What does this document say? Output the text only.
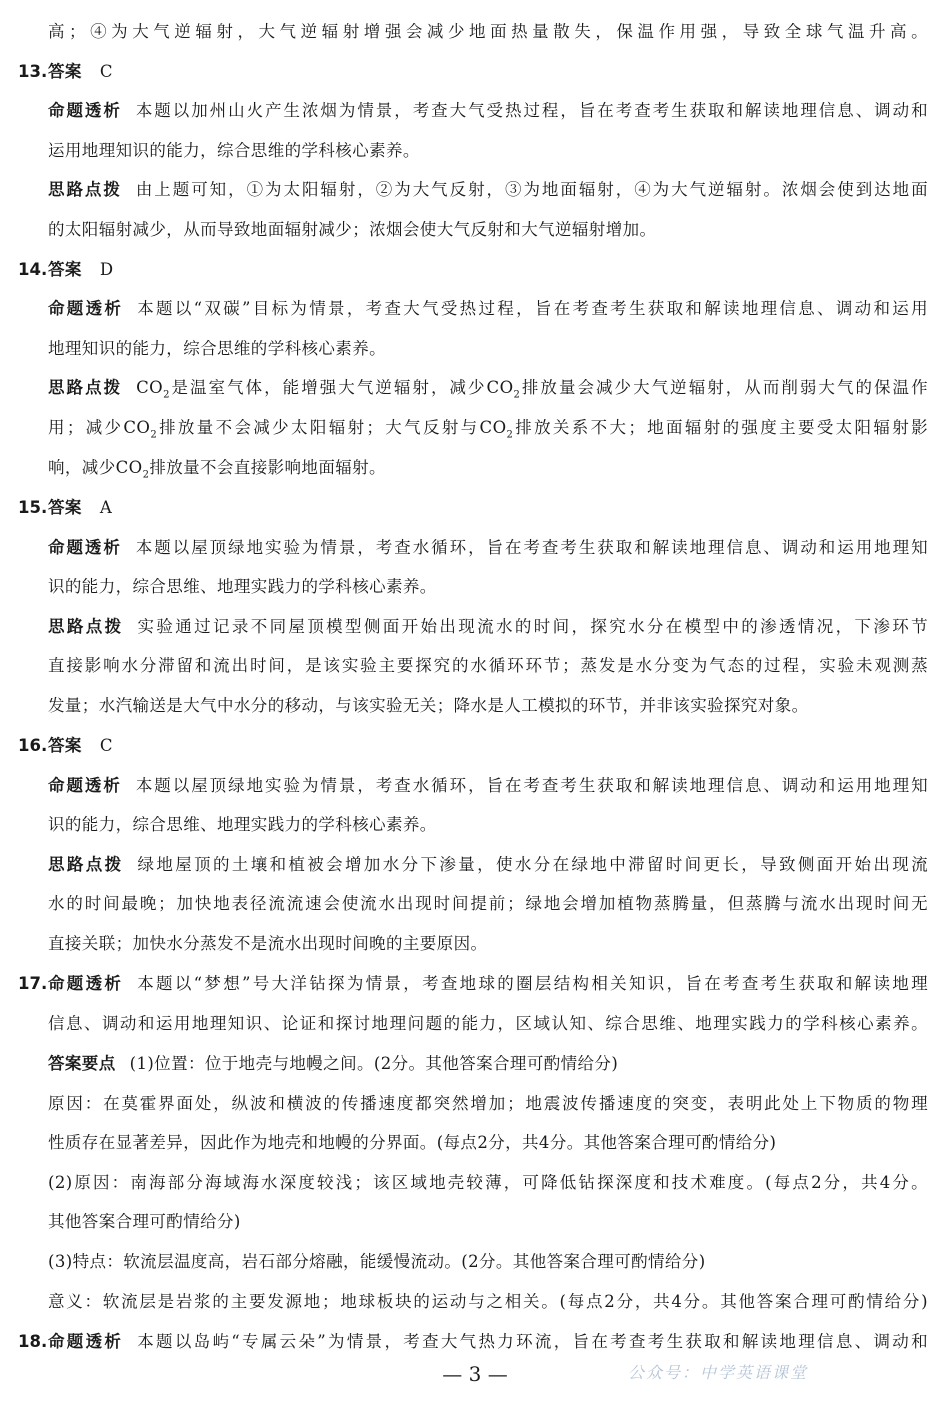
高；④为大气逆辐射，大气逆辐射增强会减少地面热量散失，保温作用强，导致全球气温升高。
13. 答案 C
命题透析 本题以加州山火产生浓烟为情景，考查大气受热过程，旨在考查考生获取和解读地理信息、调动和
运用地理知识的能力，综合思维的学科核心素养。
思路点拨 由上题可知，①为太阳辐射，②为大气反射，③为地面辐射，④为大气逆辐射。浓烟会使到达地面
的太阳辐射减少，从而导致地面辐射减少；浓烟会使大气反射和大气逆辐射增加。
14. 答案 D
命题透析 本题以“双碳”目标为情景，考查大气受热过程，旨在考查考生获取和解读地理信息、调动和运用
地理知识的能力，综合思维的学科核心素养。
思路点拨 $CO_2$是温室气体，能增强大气逆辐射，减少$CO_2$排放量会减少大气逆辐射，从而削弱大气的保温作
用；减少$CO_2$排放量不会减少太阳辐射；大气反射与$CO_2$排放关系不大；地面辐射的强度主要受太阳辐射影
响，减少$CO_2$排放量不会直接影响地面辐射。
15. 答案 A
命题透析 本题以屋顶绿地实验为情景，考查水循环，旨在考查考生获取和解读地理信息、调动和运用地理知
识的能力，综合思维、地理实践力的学科核心素养。
思路点拨 实验通过记录不同屋顶模型侧面开始出现流水的时间，探究水分在模型中的渗透情况，下渗环节
直接影响水分滞留和流出时间，是该实验主要探究的水循环环节；蒸发是水分变为气态的过程，实验未观测蒸
发量；水汽输送是大气中水分的移动，与该实验无关；降水是人工模拟的环节，并非该实验探究对象。
16. 答案 C
命题透析 本题以屋顶绿地实验为情景，考查水循环，旨在考查考生获取和解读地理信息、调动和运用地理知
识的能力，综合思维、地理实践力的学科核心素养。
思路点拨 绿地屋顶的土壤和植被会增加水分下渗量，使水分在绿地中滞留时间更长，导致侧面开始出现流
水的时间最晚；加快地表径流流速会使流水出现时间提前；绿地会增加植物蒸腾量，但蒸腾与流水出现时间无
直接关联；加快水分蒸发不是流水出现时间晚的主要原因。
17. 命题透析 本题以“梦想”号大洋钻探为情景，考查地球的圈层结构相关知识，旨在考查考生获取和解读地理
信息、调动和运用地理知识、论证和探讨地理问题的能力，区域认知、综合思维、地理实践力的学科核心素养。
答案要点 (1)位置：位于地壳与地幔之间。(2分。其他答案合理可酌情给分)
原因：在莫霍界面处，纵波和横波的传播速度都突然增加；地震波传播速度的突变，表明此处上下物质的物理
性质存在显著差异，因此作为地壳和地幔的分界面。(每点2分，共4分。其他答案合理可酌情给分)
(2)原因：南海部分海域海水深度较浅；该区域地壳较薄，可降低钻探深度和技术难度。(每点2分，共4分。
其他答案合理可酌情给分)
(3)特点：软流层温度高，岩石部分熔融，能缓慢流动。(2分。其他答案合理可酌情给分)
意义：软流层是岩浆的主要发源地；地球板块的运动与之相关。(每点2分，共4分。其他答案合理可酌情给分)
18. 命题透析 本题以岛屿“专属云朵”为情景，考查大气热力环流，旨在考查考生获取和解读地理信息、调动和
— 3 —	公众号：中学英语课堂
